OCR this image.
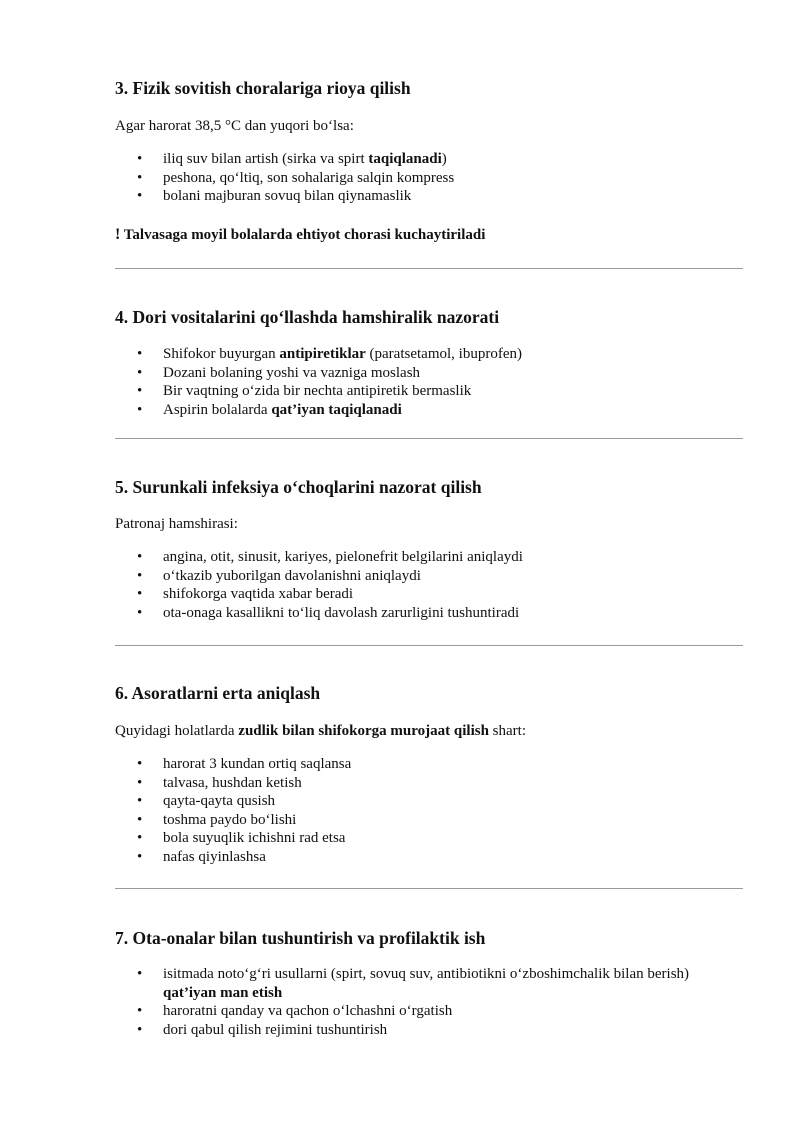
3. Fizik sovitish choralariga rioya qilish

Agar harorat 38,5 °C dan yuqori bo‘lsa:

• iliq suv bilan artish (sirka va spirt taqiqlanadi)
• peshona, qo‘ltiq, son sohalariga salqin kompress
• bolani majburan sovuq bilan qiynamaslik
! Talvasaga moyil bolalarda ehtiyot chorasi kuchaytiriladi
4. Dori vositalarini qo‘llashda hamshiralik nazorati
• Shifokor buyurgan antipiretiklar (paratsetamol, ibuprofen)
• Dozani bolaning yoshi va vazniga moslash
• Bir vaqtning o‘zida bir nechta antipiretik bermaslik
• Aspirin bolalarda qat’iyan taqiqlanadi
5. Surunkali infeksiya o‘choqlarini nazorat qilish

Patronaj hamshirasi:

• angina, otit, sinusit, kariyes, pielonefrit belgilarini aniqlaydi
• o‘tkazib yuborilgan davolanishni aniqlaydi
• shifokorga vaqtida xabar beradi
• ota-onaga kasallikni to‘liq davolash zarurligini tushuntiradi
6. Asoratlarni erta aniqlash

Quyidagi holatlarda zudlik bilan shifokorga murojaat qilish shart:

• harorat 3 kundan ortiq saqlansa
• talvasa, hushdan ketish
• qayta-qayta qusish
• toshma paydo bo‘lishi
• bola suyuqlik ichishni rad etsa
• nafas qiyinlashsa
7. Ota-onalar bilan tushuntirish va profilaktik ish
• isitmada noto‘g‘ri usullarni (spirt, sovuq suv, antibiotikni o‘zboshimchalik bilan berish)
qat’iyan man etish
• haroratni qanday va qachon o‘lchashni o‘rgatish
• dori qabul qilish rejimini tushuntirish
